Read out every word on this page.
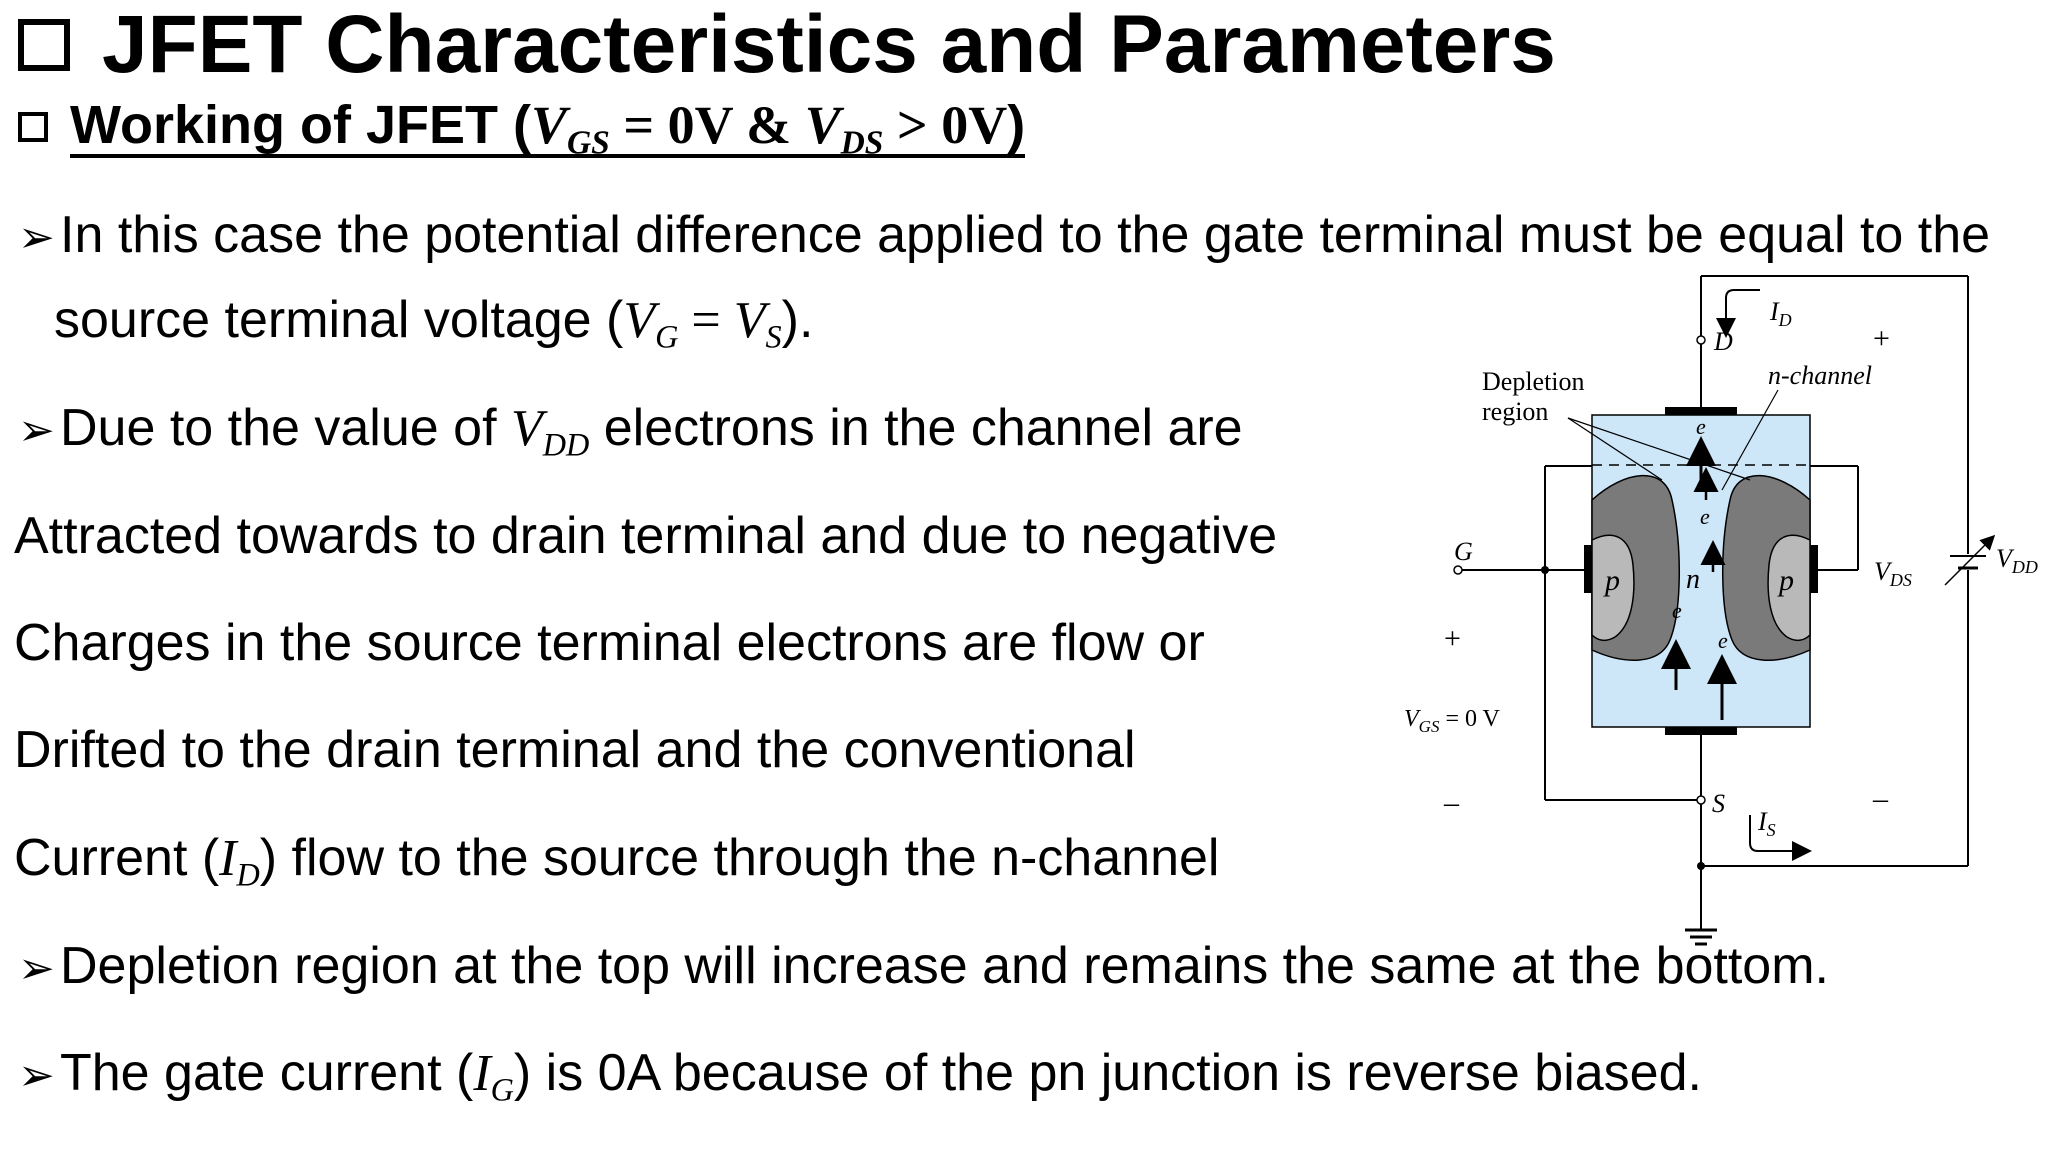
JFET Characteristics and Parameters
Working of JFET ($V_{GS} = 0V$ & $V_{DS} > 0V$)
➢In this case the potential difference applied to the gate terminal must be equal to the
source terminal voltage $(V_G = V_S)$.
➢Due to the value of $V_{DD}$ electrons in the channel are
Attracted towards to drain terminal and due to negative
Charges in the source terminal electrons are flow or
Drifted to the drain terminal and the conventional
Current $(I_D)$ flow to the source through the n-channel
➢Depletion region at the top will increase and remains the same at the bottom.
➢The gate current $(I_G)$ is 0A because of the pn junction is reverse biased.
Depletion
region
n-channel
D
G
S
$I_D$
$I_S$
$V_{DS}$
$V_{DD}$
$V_{GS} = 0$ V
+
–
+
–
p	p
n
e
e
e
e
